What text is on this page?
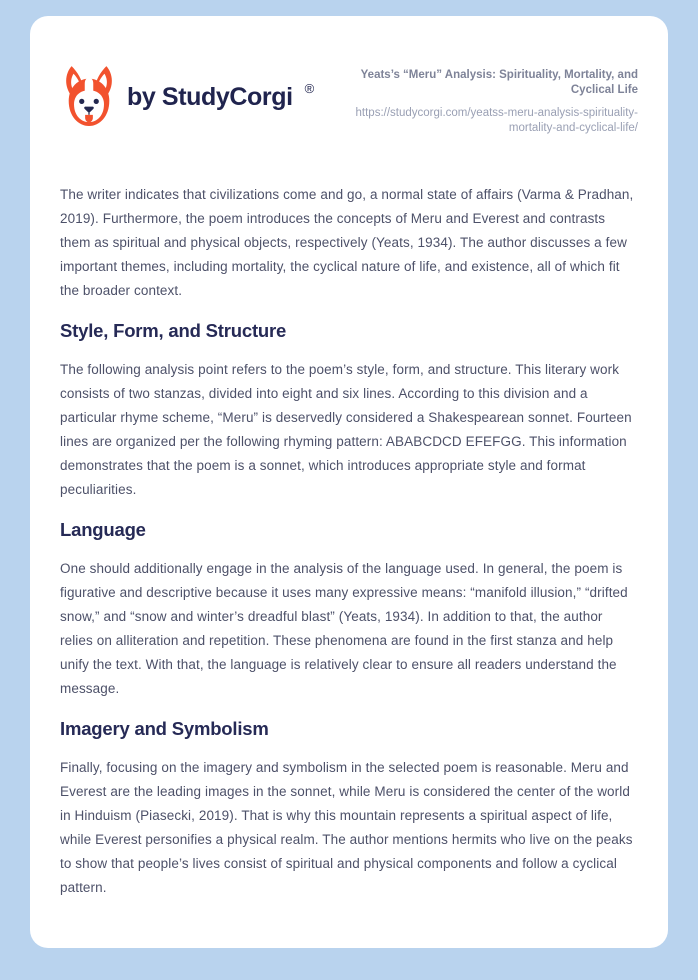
by StudyCorgi ®
Yeats’s “Meru” Analysis: Spirituality, Mortality, and Cyclical Life
https://studycorgi.com/yeatss-meru-analysis-spirituality-mortality-and-cyclical-life/

The writer indicates that civilizations come and go, a normal state of affairs (Varma & Pradhan, 2019). Furthermore, the poem introduces the concepts of Meru and Everest and contrasts them as spiritual and physical objects, respectively (Yeats, 1934). The author discusses a few important themes, including mortality, the cyclical nature of life, and existence, all of which fit the broader context.

Style, Form, and Structure

The following analysis point refers to the poem’s style, form, and structure. This literary work consists of two stanzas, divided into eight and six lines. According to this division and a particular rhyme scheme, “Meru” is deservedly considered a Shakespearean sonnet. Fourteen lines are organized per the following rhyming pattern: ABABCDCD EFEFGG. This information demonstrates that the poem is a sonnet, which introduces appropriate style and format peculiarities.

Language

One should additionally engage in the analysis of the language used. In general, the poem is figurative and descriptive because it uses many expressive means: “manifold illusion,” “drifted snow,” and “snow and winter’s dreadful blast” (Yeats, 1934). In addition to that, the author relies on alliteration and repetition. These phenomena are found in the first stanza and help unify the text. With that, the language is relatively clear to ensure all readers understand the message.

Imagery and Symbolism

Finally, focusing on the imagery and symbolism in the selected poem is reasonable. Meru and Everest are the leading images in the sonnet, while Meru is considered the center of the world in Hinduism (Piasecki, 2019). That is why this mountain represents a spiritual aspect of life, while Everest personifies a physical realm. The author mentions hermits who live on the peaks to show that people’s lives consist of spiritual and physical components and follow a cyclical pattern.
